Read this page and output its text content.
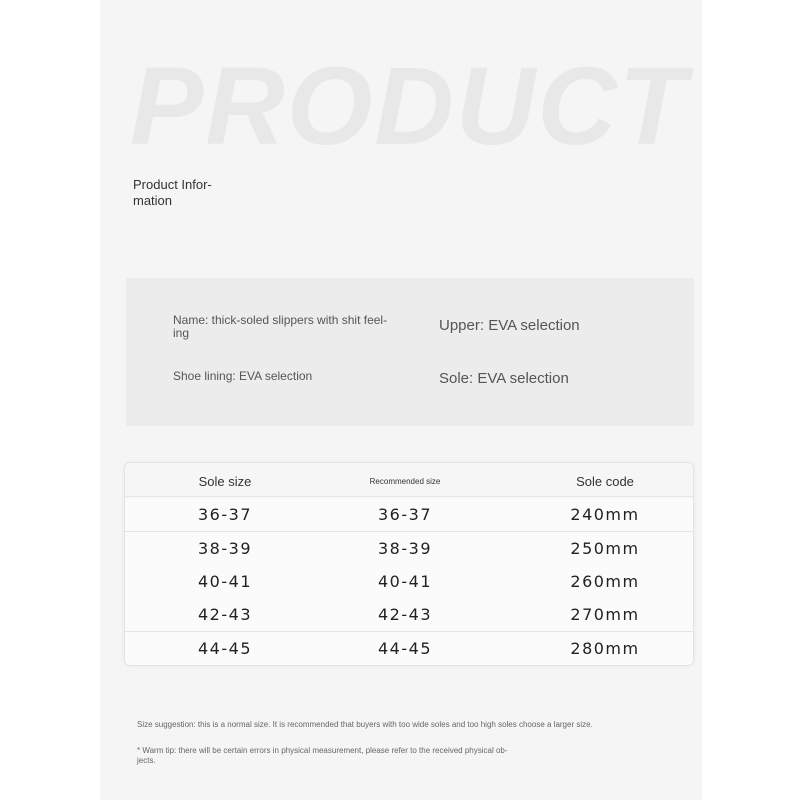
PRODUCT
Product Infor-
mation
Name: thick-soled slippers with shit feel-
ing	Upper: EVA selection
Shoe lining: EVA selection	Sole: EVA selection
Sole size	Recommended size	Sole code
36-37	36-37	240mm
38-39	38-39	250mm
40-41	40-41	260mm
42-43	42-43	270mm
44-45	44-45	280mm
Size suggestion: this is a normal size. It is recommended that buyers with too wide soles and too high soles choose a larger size.
* Warm tip: there will be certain errors in physical measurement, please refer to the received physical ob-
jects.
